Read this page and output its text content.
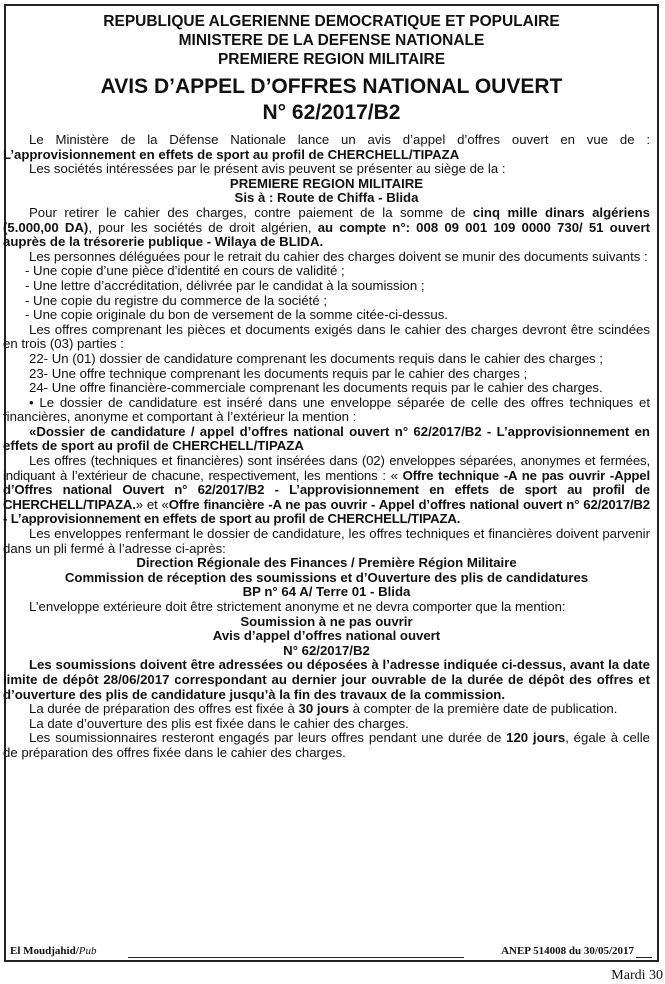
REPUBLIQUE ALGERIENNE DEMOCRATIQUE ET POPULAIRE
MINISTERE DE LA DEFENSE NATIONALE
PREMIERE REGION MILITAIRE
AVIS D’APPEL D’OFFRES NATIONAL OUVERT
N° 62/2017/B2

Le Ministère de la Défense Nationale lance un avis d’appel d’offres ouvert en vue de : L’approvisionnement en effets de sport au profil de CHERCHELL/TIPAZA

Les sociétés intéressées par le présent avis peuvent se présenter au siège de la :

PREMIERE REGION MILITAIRE

Sis à : Route de Chiffa - Blida

Pour retirer le cahier des charges, contre paiement de la somme de cinq mille dinars algériens (5.000,00 DA), pour les sociétés de droit algérien, au compte n°: 008 09 001 109 0000 730/ 51 ouvert auprès de la trésorerie publique - Wilaya de BLIDA.

Les personnes déléguées pour le retrait du cahier des charges doivent se munir des documents suivants :

- Une copie d’une pièce d’identité en cours de validité ;

- Une lettre d’accréditation, délivrée par le candidat à la soumission ;

- Une copie du registre du commerce de la société ;

- Une copie originale du bon de versement de la somme citée-ci-dessus.

Les offres comprenant les pièces et documents exigés dans le cahier des charges devront être scindées en trois (03) parties :

22- Un (01) dossier de candidature comprenant les documents requis dans le cahier des charges ;

23- Une offre technique comprenant les documents requis par le cahier des charges ;

24- Une offre financière-commerciale comprenant les documents requis par le cahier des charges.

• Le dossier de candidature est inséré dans une enveloppe séparée de celle des offres techniques et financières, anonyme et comportant à l’extérieur la mention :

«Dossier de candidature / appel d’offres national ouvert n° 62/2017/B2 - L’approvisionnement en effets de sport au profil de CHERCHELL/TIPAZA

Les offres (techniques et financières) sont insérées dans (02) enveloppes séparées, anonymes et fermées, indiquant à l’extérieur de chacune, respectivement, les mentions : « Offre technique -A ne pas ouvrir -Appel d’Offres national Ouvert n° 62/2017/B2 - L’approvisionnement en effets de sport au profil de CHERCHELL/TIPAZA.» et «Offre financière -A ne pas ouvrir - Appel d’offres national ouvert n° 62/2017/B2 - L’approvisionnement en effets de sport au profil de CHERCHELL/TIPAZA.

Les enveloppes renfermant le dossier de candidature, les offres techniques et financières doivent parvenir dans un pli fermé à l’adresse ci-après:

Direction Régionale des Finances / Première Région Militaire

Commission de réception des soumissions et d’Ouverture des plis de candidatures

BP n° 64 A/ Terre 01 - Blida

L’enveloppe extérieure doit être strictement anonyme et ne devra comporter que la mention:

Soumission à ne pas ouvrir

Avis d’appel d’offres national ouvert

N° 62/2017/B2

Les soumissions doivent être adressées ou déposées à l’adresse indiquée ci-dessus, avant la date limite de dépôt 28/06/2017 correspondant au dernier jour ouvrable de la durée de dépôt des offres et d’ouverture des plis de candidature jusqu’à la fin des travaux de la commission.

La durée de préparation des offres est fixée à 30 jours à compter de la première date de publication.

La date d’ouverture des plis est fixée dans le cahier des charges.

Les soumissionnaires resteront engagés par leurs offres pendant une durée de 120 jours, égale à celle de préparation des offres fixée dans le cahier des charges.

El Moudjahid/Pub	ANEP 514008 du 30/05/2017
Mardi 30
